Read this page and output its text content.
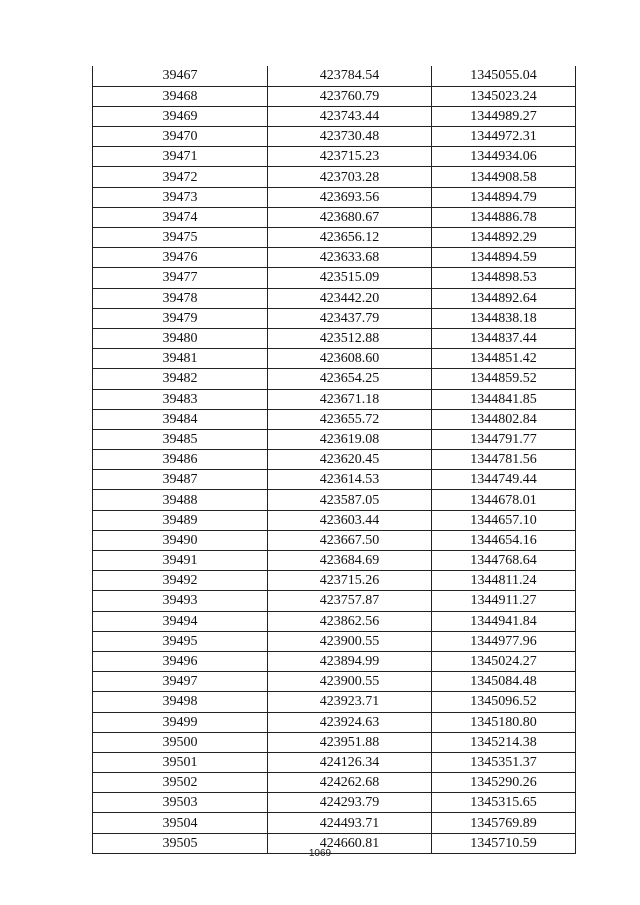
39467	423784.54	1345055.04
39468	423760.79	1345023.24
39469	423743.44	1344989.27
39470	423730.48	1344972.31
39471	423715.23	1344934.06
39472	423703.28	1344908.58
39473	423693.56	1344894.79
39474	423680.67	1344886.78
39475	423656.12	1344892.29
39476	423633.68	1344894.59
39477	423515.09	1344898.53
39478	423442.20	1344892.64
39479	423437.79	1344838.18
39480	423512.88	1344837.44
39481	423608.60	1344851.42
39482	423654.25	1344859.52
39483	423671.18	1344841.85
39484	423655.72	1344802.84
39485	423619.08	1344791.77
39486	423620.45	1344781.56
39487	423614.53	1344749.44
39488	423587.05	1344678.01
39489	423603.44	1344657.10
39490	423667.50	1344654.16
39491	423684.69	1344768.64
39492	423715.26	1344811.24
39493	423757.87	1344911.27
39494	423862.56	1344941.84
39495	423900.55	1344977.96
39496	423894.99	1345024.27
39497	423900.55	1345084.48
39498	423923.71	1345096.52
39499	423924.63	1345180.80
39500	423951.88	1345214.38
39501	424126.34	1345351.37
39502	424262.68	1345290.26
39503	424293.79	1345315.65
39504	424493.71	1345769.89
39505	424660.81	1345710.59
1069
